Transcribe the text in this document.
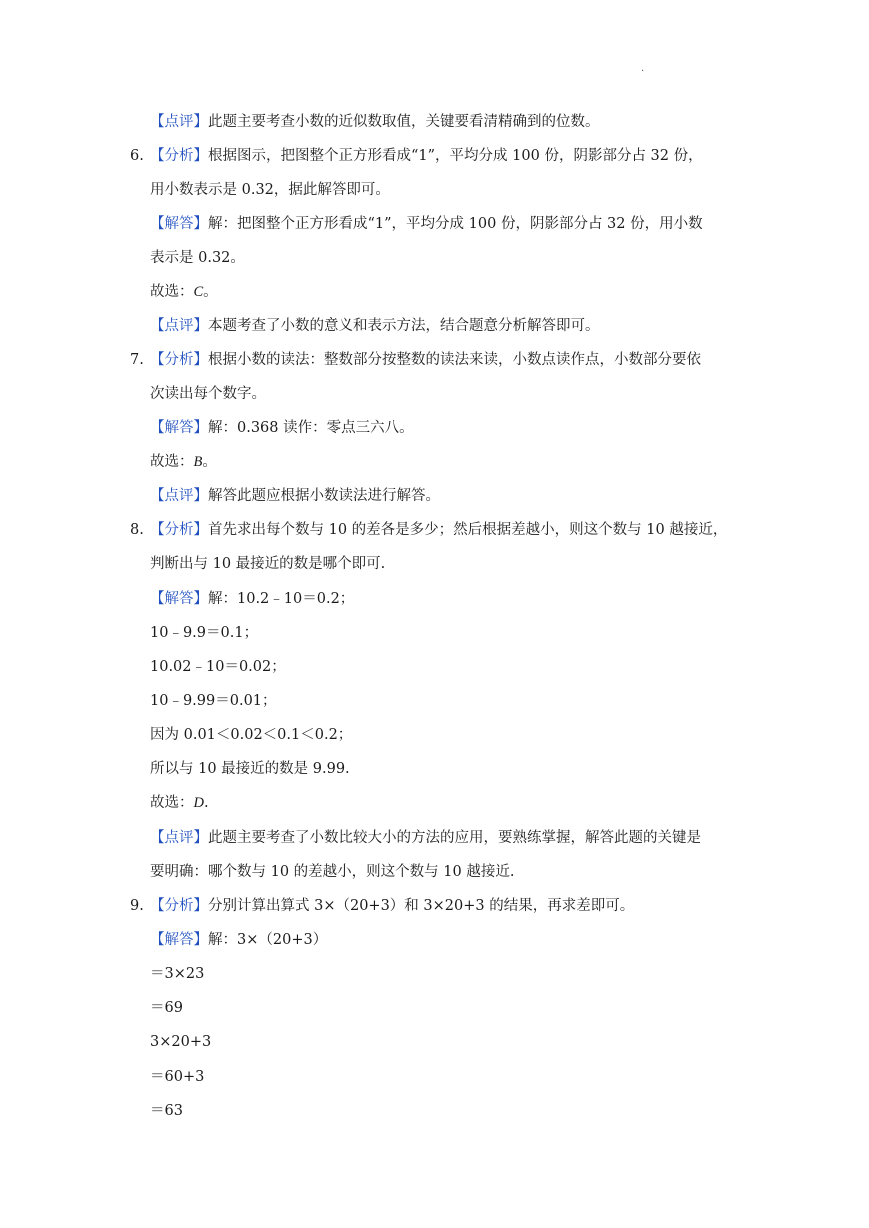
·
【点评】此题主要考查小数的近似数取值，关键要看清精确到的位数。
6. 【分析】根据图示，把图整个正方形看成“1”，平均分成 100 份，阴影部分占 32 份，
用小数表示是 0.32，据此解答即可。
【解答】解：把图整个正方形看成“1”，平均分成 100 份，阴影部分占 32 份，用小数
表示是 0.32。
故选：C。
【点评】本题考查了小数的意义和表示方法，结合题意分析解答即可。
7. 【分析】根据小数的读法：整数部分按整数的读法来读，小数点读作点，小数部分要依
次读出每个数字。
【解答】解：0.368 读作：零点三六八。
故选：B。
【点评】解答此题应根据小数读法进行解答。
8. 【分析】首先求出每个数与 10 的差各是多少；然后根据差越小，则这个数与 10 越接近，
判断出与 10 最接近的数是哪个即可.
【解答】解：10.2﹣10＝0.2；
10﹣9.9＝0.1；
10.02﹣10＝0.02；
10﹣9.99＝0.01；
因为 0.01＜0.02＜0.1＜0.2；
所以与 10 最接近的数是 9.99.
故选：D.
【点评】此题主要考查了小数比较大小的方法的应用，要熟练掌握，解答此题的关键是
要明确：哪个数与 10 的差越小，则这个数与 10 越接近.
9. 【分析】分别计算出算式 3×（20+3）和 3×20+3 的结果，再求差即可。
【解答】解：3×（20+3）
＝3×23
＝69
3×20+3
＝60+3
＝63
